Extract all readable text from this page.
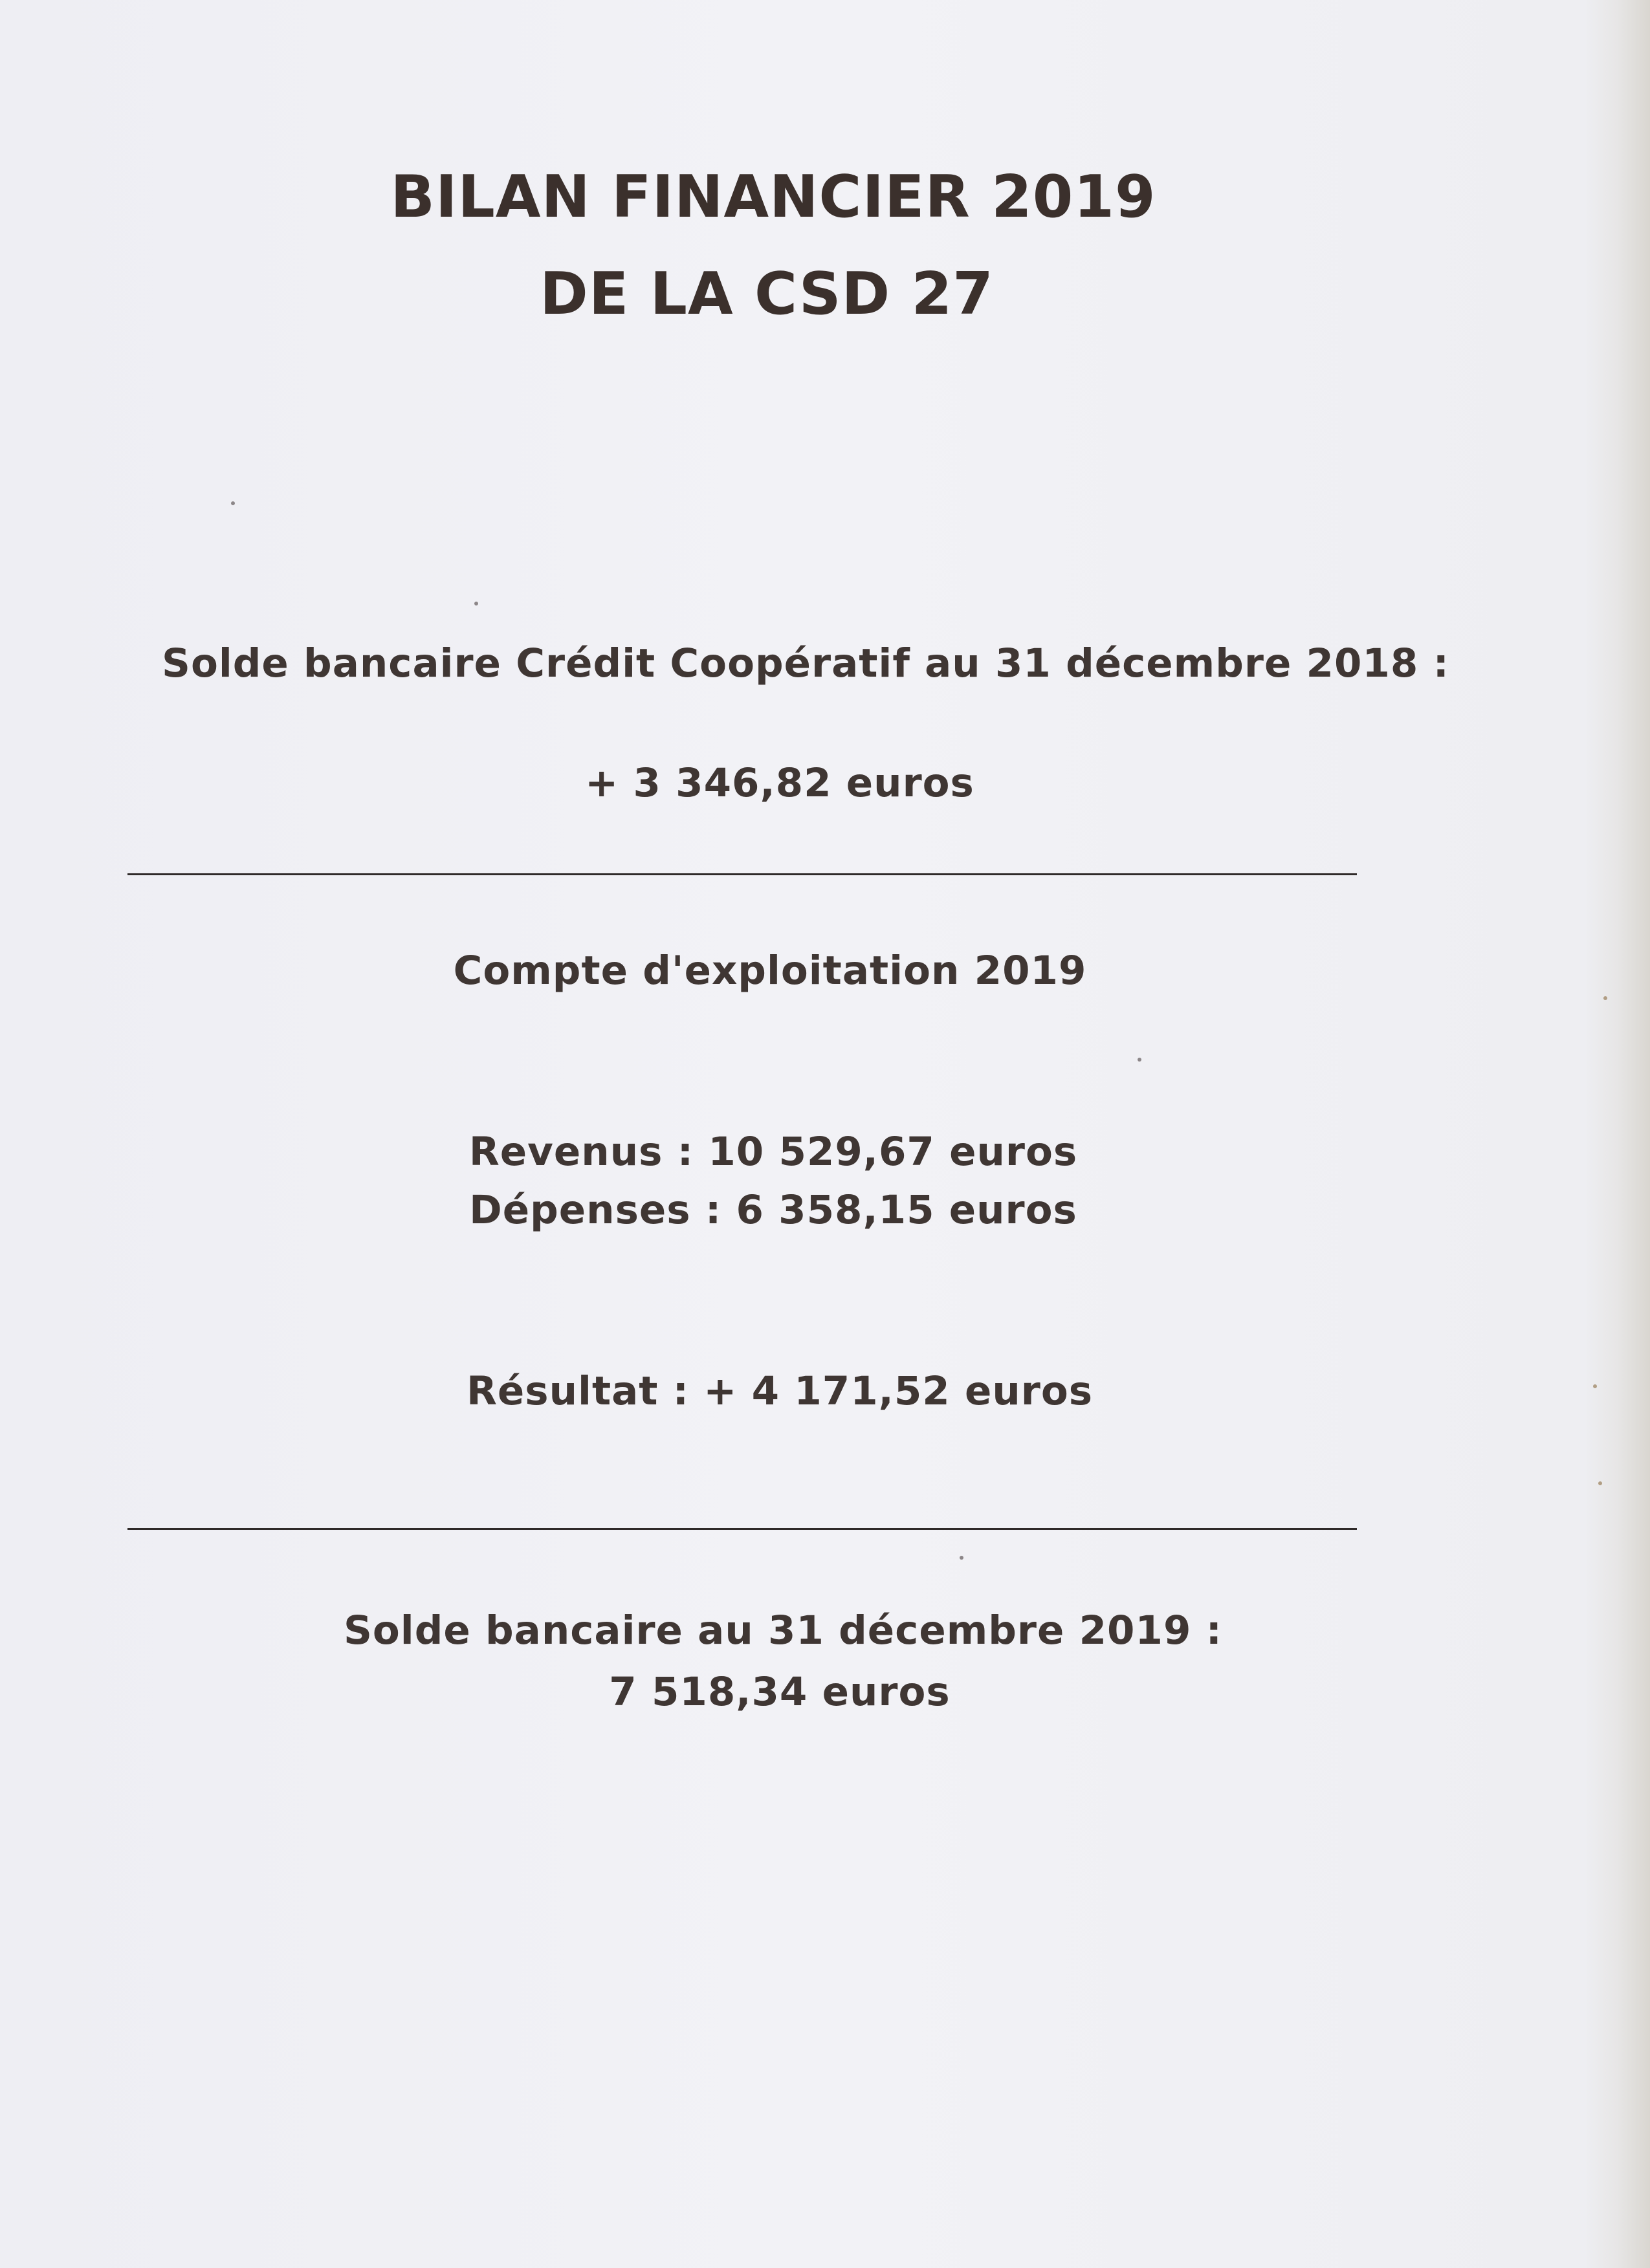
BILAN FINANCIER 2019
DE LA CSD 27
Solde bancaire Crédit Coopératif au 31 décembre 2018 :
+ 3 346,82 euros
Compte d'exploitation 2019
Revenus : 10 529,67 euros
Dépenses : 6 358,15 euros
Résultat : + 4 171,52 euros
Solde bancaire au 31 décembre 2019 :
7 518,34 euros
